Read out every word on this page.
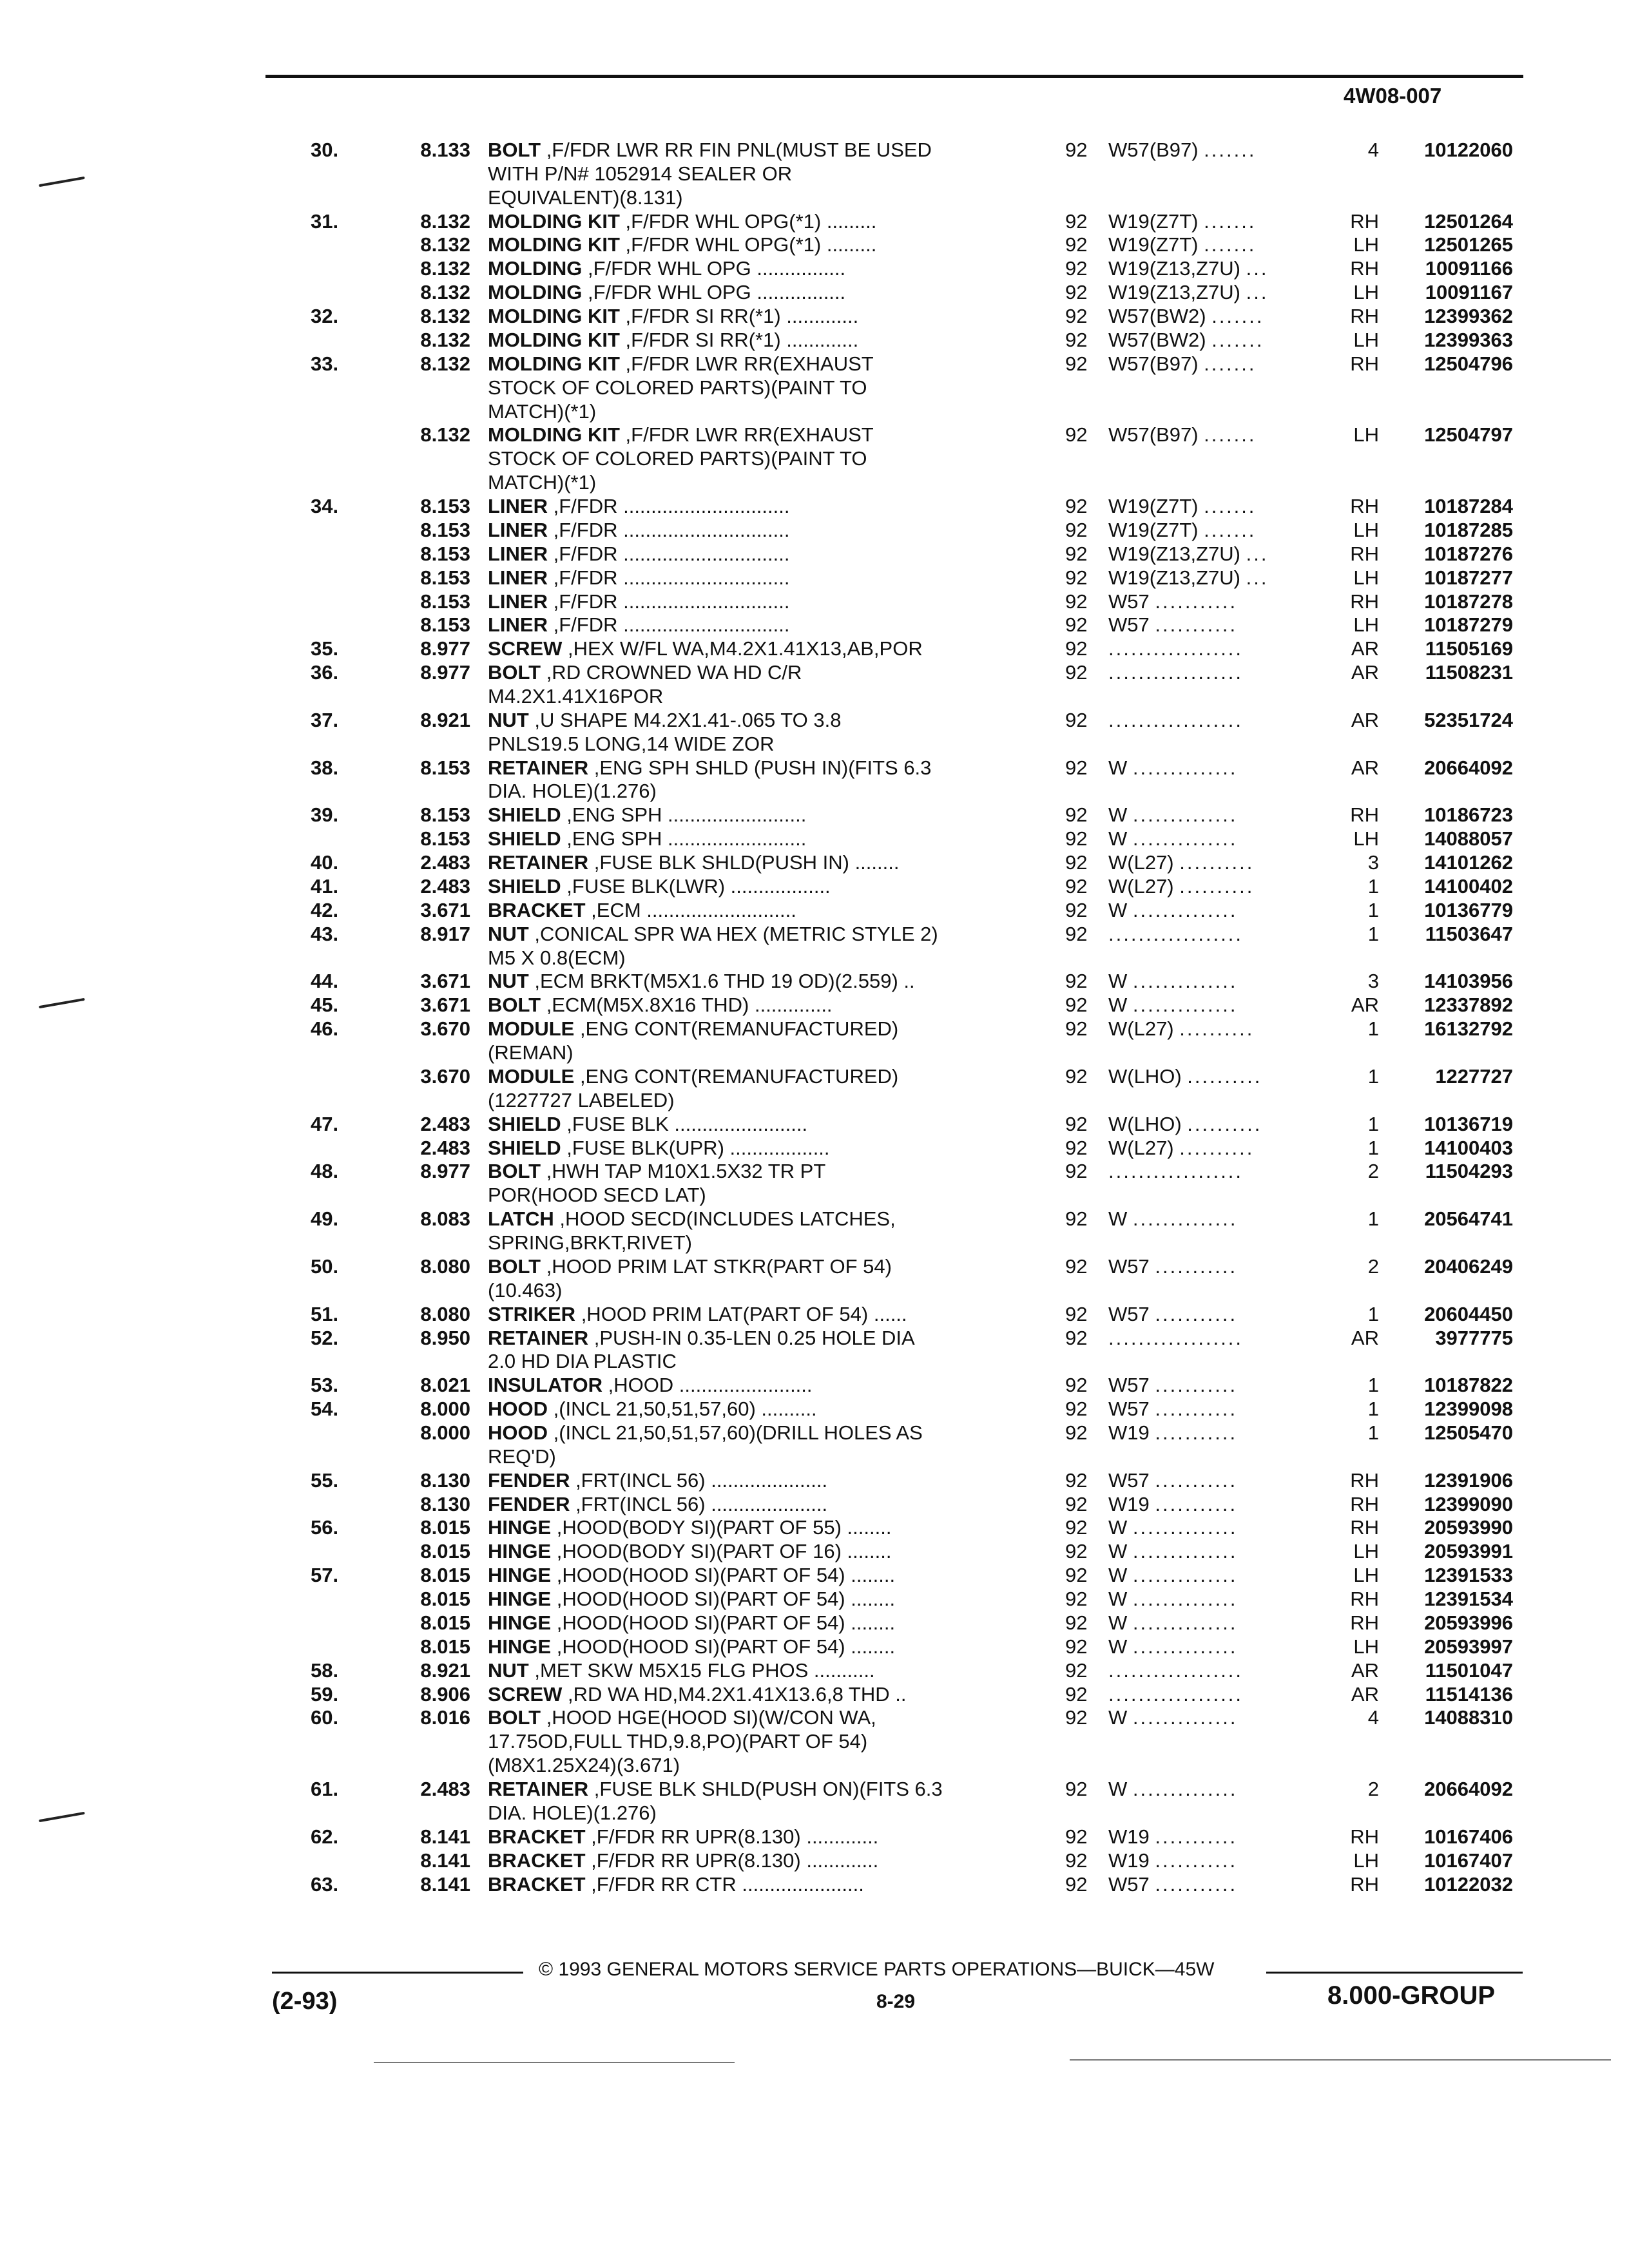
4W08-007
30.	8.133 BOLT ,F/FDR LWR RR FIN PNL(MUST BE USED	92	W57(B97) .......	4	10122060
WITH P/N# 1052914 SEALER OR
EQUIVALENT)(8.131)
31.	8.132 MOLDING KIT ,F/FDR WHL OPG(*1) .........	92	W19(Z7T) .......	RH	12501264
8.132 MOLDING KIT ,F/FDR WHL OPG(*1) .........	92	W19(Z7T) .......	LH	12501265
8.132 MOLDING ,F/FDR WHL OPG ................	92	W19(Z13,Z7U) ...	RH	10091166
8.132 MOLDING ,F/FDR WHL OPG ................	92	W19(Z13,Z7U) ...	LH	10091167
32.	8.132 MOLDING KIT ,F/FDR SI RR(*1) .............	92	W57(BW2) .......	RH	12399362
8.132 MOLDING KIT ,F/FDR SI RR(*1) .............	92	W57(BW2) .......	LH	12399363
33.	8.132 MOLDING KIT ,F/FDR LWR RR(EXHAUST	92	W57(B97) .......	RH	12504796
STOCK OF COLORED PARTS)(PAINT TO
MATCH)(*1)
8.132 MOLDING KIT ,F/FDR LWR RR(EXHAUST	92	W57(B97) .......	LH	12504797
STOCK OF COLORED PARTS)(PAINT TO
MATCH)(*1)
34.	8.153 LINER ,F/FDR ..............................	92	W19(Z7T) .......	RH	10187284
8.153 LINER ,F/FDR ..............................	92	W19(Z7T) .......	LH	10187285
8.153 LINER ,F/FDR ..............................	92	W19(Z13,Z7U) ...	RH	10187276
8.153 LINER ,F/FDR ..............................	92	W19(Z13,Z7U) ...	LH	10187277
8.153 LINER ,F/FDR ..............................	92	W57 ...........	RH	10187278
8.153 LINER ,F/FDR ..............................	92	W57 ...........	LH	10187279
35.	8.977 SCREW ,HEX W/FL WA,M4.2X1.41X13,AB,POR	92	..................	AR	11505169
36.	8.977 BOLT ,RD CROWNED WA HD C/R	92	..................	AR	11508231
M4.2X1.41X16POR
37.	8.921 NUT ,U SHAPE M4.2X1.41-.065 TO 3.8	92	..................	AR	52351724
PNLS19.5 LONG,14 WIDE ZOR
38.	8.153 RETAINER ,ENG SPH SHLD (PUSH IN)(FITS 6.3	92	W ..............	AR	20664092
DIA. HOLE)(1.276)
39.	8.153 SHIELD ,ENG SPH .........................	92	W ..............	RH	10186723
8.153 SHIELD ,ENG SPH .........................	92	W ..............	LH	14088057
40.	2.483 RETAINER ,FUSE BLK SHLD(PUSH IN) ........	92	W(L27) ..........	3	14101262
41.	2.483 SHIELD ,FUSE BLK(LWR) ..................	92	W(L27) ..........	1	14100402
42.	3.671 BRACKET ,ECM ...........................	92	W ..............	1	10136779
43.	8.917 NUT ,CONICAL SPR WA HEX (METRIC STYLE 2)	92	..................	1	11503647
M5 X 0.8(ECM)
44.	3.671 NUT ,ECM BRKT(M5X1.6 THD 19 OD)(2.559) ..	92	W ..............	3	14103956
45.	3.671 BOLT ,ECM(M5X.8X16 THD) ..............	92	W ..............	AR	12337892
46.	3.670 MODULE ,ENG CONT(REMANUFACTURED)	92	W(L27) ..........	1	16132792
(REMAN)
3.670 MODULE ,ENG CONT(REMANUFACTURED)	92	W(LHO) ..........	1	1227727
(1227727 LABELED)
47.	2.483 SHIELD ,FUSE BLK ........................	92	W(LHO) ..........	1	10136719
2.483 SHIELD ,FUSE BLK(UPR) ..................	92	W(L27) ..........	1	14100403
48.	8.977 BOLT ,HWH TAP M10X1.5X32 TR PT	92	..................	2	11504293
POR(HOOD SECD LAT)
49.	8.083 LATCH ,HOOD SECD(INCLUDES LATCHES,	92	W ..............	1	20564741
SPRING,BRKT,RIVET)
50.	8.080 BOLT ,HOOD PRIM LAT STKR(PART OF 54)	92	W57 ...........	2	20406249
(10.463)
51.	8.080 STRIKER ,HOOD PRIM LAT(PART OF 54) ......	92	W57 ...........	1	20604450
52.	8.950 RETAINER ,PUSH-IN 0.35-LEN 0.25 HOLE DIA	92	..................	AR	3977775
2.0 HD DIA PLASTIC
53.	8.021 INSULATOR ,HOOD ........................	92	W57 ...........	1	10187822
54.	8.000 HOOD ,(INCL 21,50,51,57,60) ..........	92	W57 ...........	1	12399098
8.000 HOOD ,(INCL 21,50,51,57,60)(DRILL HOLES AS	92	W19 ...........	1	12505470
REQ'D)
55.	8.130 FENDER ,FRT(INCL 56) .....................	92	W57 ...........	RH	12391906
8.130 FENDER ,FRT(INCL 56) .....................	92	W19 ...........	RH	12399090
56.	8.015 HINGE ,HOOD(BODY SI)(PART OF 55) ........	92	W ..............	RH	20593990
8.015 HINGE ,HOOD(BODY SI)(PART OF 16) ........	92	W ..............	LH	20593991
57.	8.015 HINGE ,HOOD(HOOD SI)(PART OF 54) ........	92	W ..............	LH	12391533
8.015 HINGE ,HOOD(HOOD SI)(PART OF 54) ........	92	W ..............	RH	12391534
8.015 HINGE ,HOOD(HOOD SI)(PART OF 54) ........	92	W ..............	RH	20593996
8.015 HINGE ,HOOD(HOOD SI)(PART OF 54) ........	92	W ..............	LH	20593997
58.	8.921 NUT ,MET SKW M5X15 FLG PHOS ...........	92	..................	AR	11501047
59.	8.906 SCREW ,RD WA HD,M4.2X1.41X13.6,8 THD ..	92	..................	AR	11514136
60.	8.016 BOLT ,HOOD HGE(HOOD SI)(W/CON WA,	92	W ..............	4	14088310
17.75OD,FULL THD,9.8,PO)(PART OF 54)
(M8X1.25X24)(3.671)
61.	2.483 RETAINER ,FUSE BLK SHLD(PUSH ON)(FITS 6.3	92	W ..............	2	20664092
DIA. HOLE)(1.276)
62.	8.141 BRACKET ,F/FDR RR UPR(8.130) .............	92	W19 ...........	RH	10167406
8.141 BRACKET ,F/FDR RR UPR(8.130) .............	92	W19 ...........	LH	10167407
63.	8.141 BRACKET ,F/FDR RR CTR ......................	92	W57 ...........	RH	10122032
© 1993 GENERAL MOTORS SERVICE PARTS OPERATIONS—BUICK—45W
(2-93)	8-29	8.000-GROUP
